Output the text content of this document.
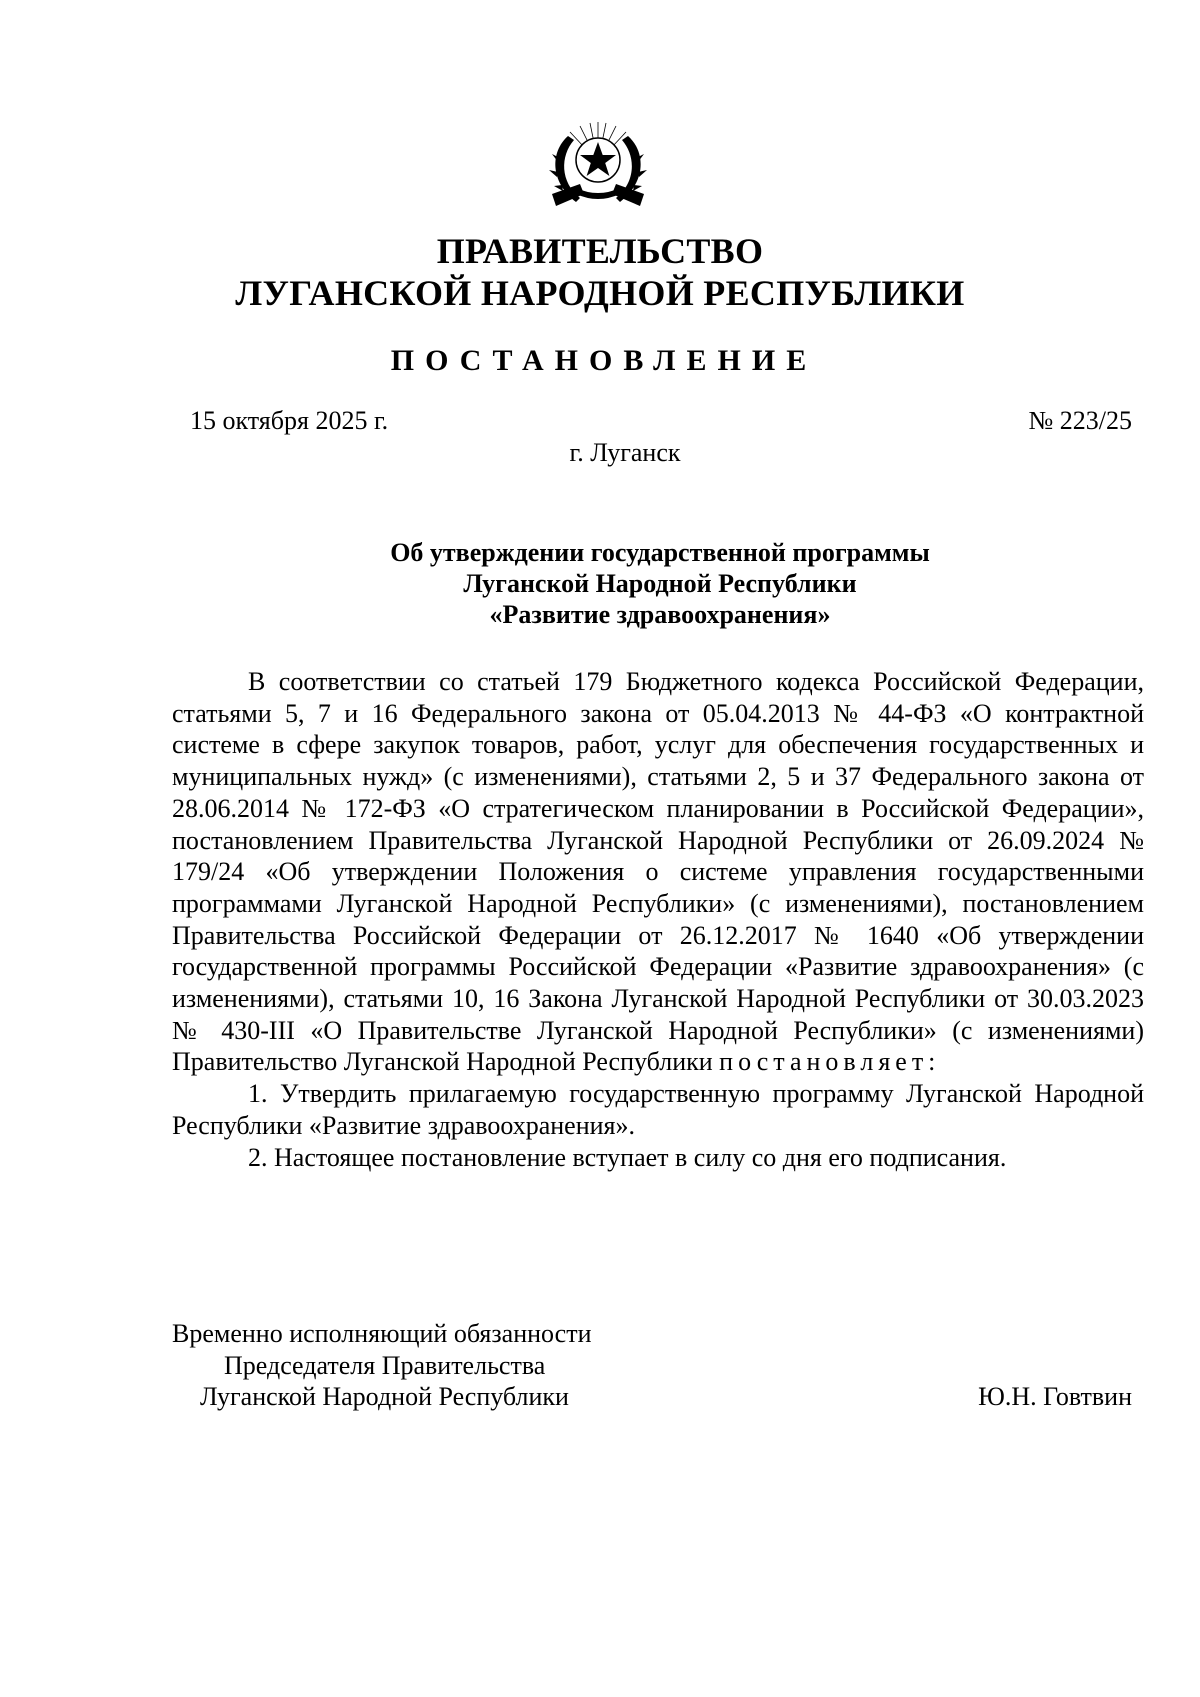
ПРАВИТЕЛЬСТВО
ЛУГАНСКОЙ НАРОДНОЙ РЕСПУБЛИКИ
ПОСТАНОВЛЕНИЕ
15 октября 2025 г.	№ 223/25
г. Луганск
Об утверждении государственной программы
Луганской Народной Республики
«Развитие здравоохранения»

В соответствии со статьей 179 Бюджетного кодекса Российской Федерации, статьями 5, 7 и 16 Федерального закона от 05.04.2013 № 44-ФЗ «О контрактной системе в сфере закупок товаров, работ, услуг для обеспечения государственных и муниципальных нужд» (с изменениями), статьями 2, 5 и 37 Федерального закона от 28.06.2014 № 172-ФЗ «О стратегическом планировании в Российской Федерации», постановлением Правительства Луганской Народной Республики от 26.09.2024 № 179/24 «Об утверждении Положения о системе управления государственными программами Луганской Народной Республики» (с изменениями), постановлением Правительства Российской Федерации от 26.12.2017 № 1640 «Об утверждении государственной программы Российской Федерации «Развитие здравоохранения» (с изменениями), статьями 10, 16 Закона Луганской Народной Республики от 30.03.2023 № 430-III «О Правительстве Луганской Народной Республики» (с изменениями) Правительство Луганской Народной Республики постановляет:

1. Утвердить прилагаемую государственную программу Луганской Народной Республики «Развитие здравоохранения».

2. Настоящее постановление вступает в силу со дня его подписания.

Временно исполняющий обязанности
Председателя Правительства
Луганской Народной Республики	Ю.Н. Говтвин
